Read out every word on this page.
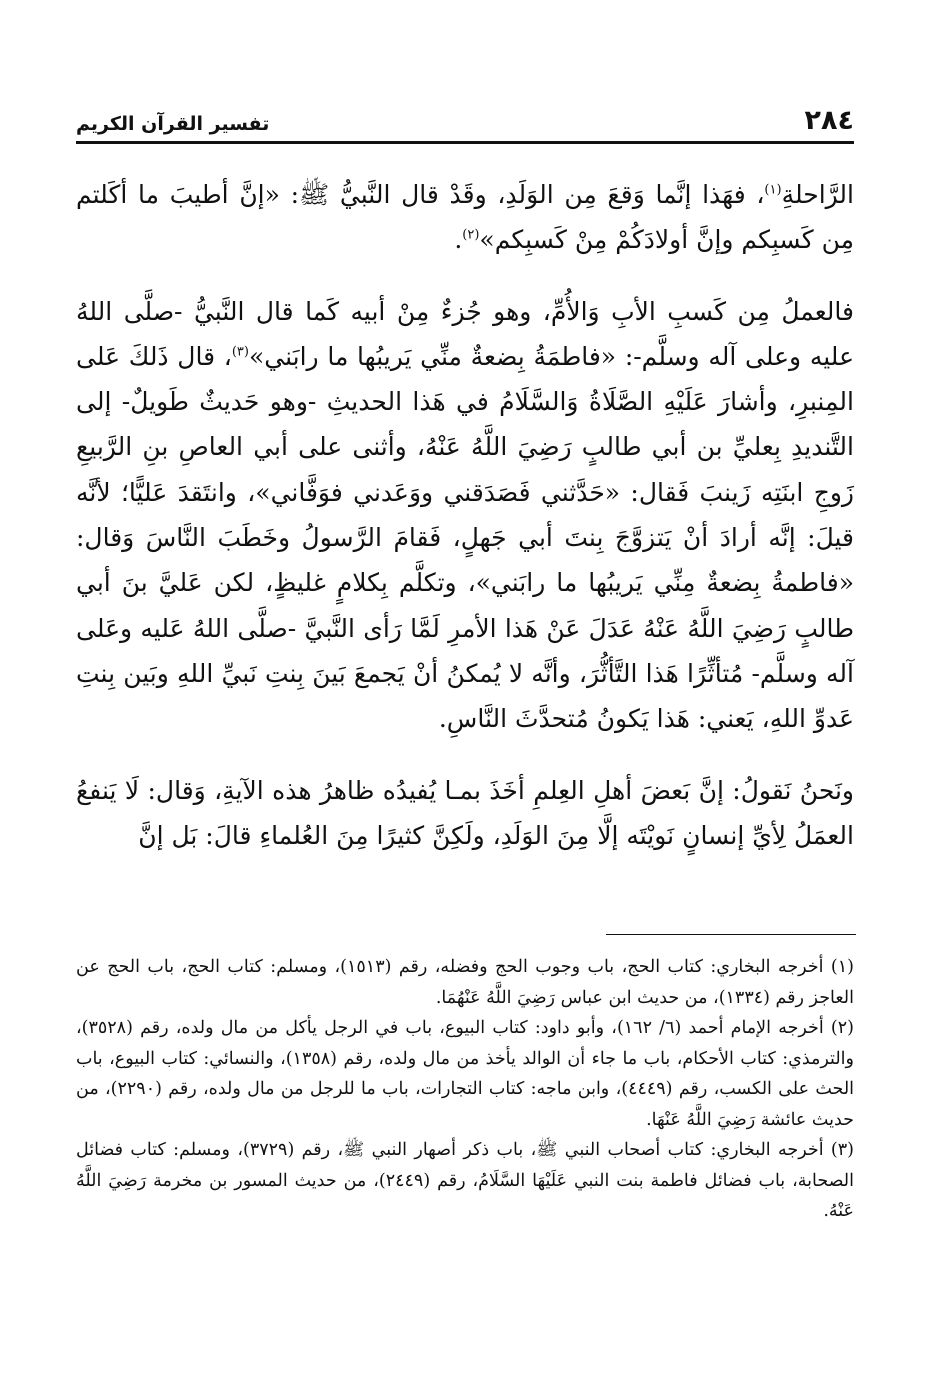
٢٨٤
تفسير القرآن الكريم

الرَّاحلةِ$^{(١)}$، فهَذا إنَّما وَقعَ مِن الوَلَدِ، وقَدْ قال النَّبيُّ ﷺ: «إنَّ أطيبَ ما أكَلتم مِن كَسبِكم وإنَّ أولادَكُمْ مِنْ كَسبِكم»$^{(٢)}$.

فالعملُ مِن كَسبِ الأبِ وَالأُمِّ، وهو جُزءٌ مِنْ أبيه كَما قال النَّبيُّ -صلَّى اللهُ عليه وعلى آله وسلَّم-: «فاطمَةُ بِضعةٌ منِّي يَريبُها ما رابَني»$^{(٣)}$، قال ذَلكَ عَلى المِنبرِ، وأشارَ عَلَيْهِ الصَّلَاةُ وَالسَّلَامُ في هَذا الحديثِ -وهو حَديثٌ طَويلٌ- إلى التَّنديدِ بِعليِّ بن أبي طالبٍ رَضِيَ اللَّهُ عَنْهُ، وأثنى على أبي العاصِ بنِ الرَّبيعِ زَوجِ ابنَتِه زَينبَ فَقال: «حَدَّثني فَصَدَقني ووَعَدني فوَفَّاني»، وانتَقدَ عَليًّا؛ لأنَّه قيلَ: إنَّه أرادَ أنْ يَتزوَّجَ بِنتَ أبي جَهلٍ، فَقامَ الرَّسولُ وخَطَبَ النَّاسَ وَقال: «فاطمةُ بِضعةٌ مِنِّي يَريبُها ما رابَني»، وتكلَّم بِكلامٍ غليظٍ، لكن عَليَّ بنَ أبي طالبٍ رَضِيَ اللَّهُ عَنْهُ عَدَلَ عَنْ هَذا الأمرِ لَمَّا رَأى النَّبيَّ -صلَّى اللهُ عَليه وعَلى آله وسلَّم- مُتأثِّرًا هَذا التَّأثُّرَ، وأنَّه لا يُمكنُ أنْ يَجمعَ بَينَ بِنتِ نَبيِّ اللهِ وبَين بِنتِ عَدوِّ اللهِ، يَعني: هَذا يَكونُ مُتحدَّثَ النَّاسِ.

ونَحنُ نَقولُ: إنَّ بَعضَ أهلِ العِلمِ أخَذَ بمـا يُفيدُه ظاهرُ هذه الآيةِ، وَقال: لَا يَنفعُ العمَلُ لِأيِّ إنسانٍ نَويْتَه إلَّا مِنَ الوَلَدِ، ولَكِنَّ كثيرًا مِنَ العُلماءِ قالَ: بَل إنَّ

(١) أخرجه البخاري: كتاب الحج، باب وجوب الحج وفضله، رقم (١٥١٣)، ومسلم: كتاب الحج، باب الحج عن العاجز رقم (١٣٣٤)، من حديث ابن عباس رَضِيَ اللَّهُ عَنْهُمَا.

(٢) أخرجه الإمام أحمد (٦/ ١٦٢)، وأبو داود: كتاب البيوع، باب في الرجل يأكل من مال ولده، رقم (٣٥٢٨)، والترمذي: كتاب الأحكام، باب ما جاء أن الوالد يأخذ من مال ولده، رقم (١٣٥٨)، والنسائي: كتاب البيوع، باب الحث على الكسب، رقم (٤٤٤٩)، وابن ماجه: كتاب التجارات، باب ما للرجل من مال ولده، رقم (٢٢٩٠)، من حديث عائشة رَضِيَ اللَّهُ عَنْهَا.

(٣) أخرجه البخاري: كتاب أصحاب النبي ﷺ، باب ذكر أصهار النبي ﷺ، رقم (٣٧٢٩)، ومسلم: كتاب فضائل الصحابة، باب فضائل فاطمة بنت النبي عَلَيْهَا السَّلَامُ، رقم (٢٤٤٩)، من حديث المسور بن مخرمة رَضِيَ اللَّهُ عَنْهُ.
